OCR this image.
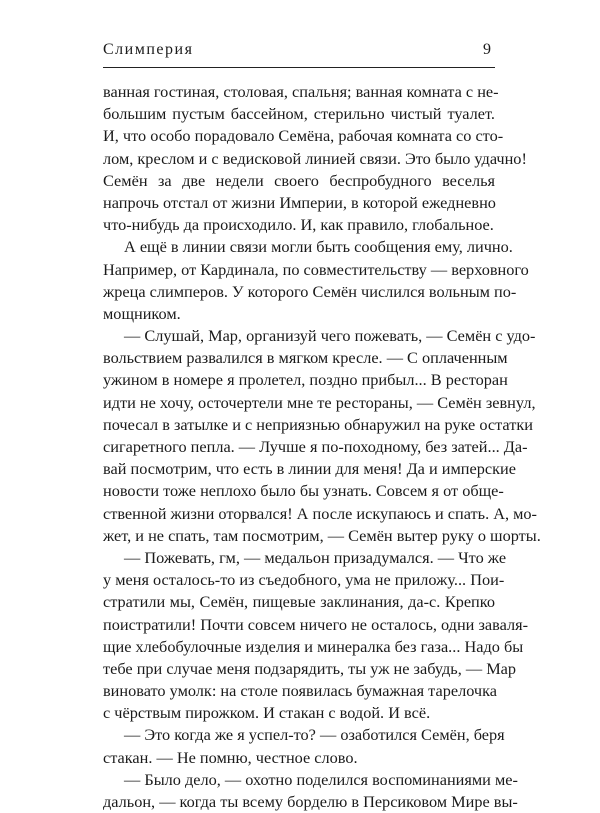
Слимперия	9
ванная гостиная, столовая, спальня; ванная комната с не-
большим пустым бассейном, стерильно чистый туалет.
И, что особо порадовало Семёна, рабочая комната со сто-
лом, креслом и с ведисковой линией связи. Это было удачно!
Семён за две недели своего беспробудного веселья
напрочь отстал от жизни Империи, в которой ежедневно
что-нибудь да происходило. И, как правило, глобальное.
А ещё в линии связи могли быть сообщения ему, лично.
Например, от Кардинала, по совместительству — верховного
жреца слимперов. У которого Семён числился вольным по-
мощником.
— Слушай, Мар, организуй чего пожевать, — Семён с удо-
вольствием развалился в мягком кресле. — С оплаченным
ужином в номере я пролетел, поздно прибыл... В ресторан
идти не хочу, осточертели мне те рестораны, — Семён зевнул,
почесал в затылке и с неприязнью обнаружил на руке остатки
сигаретного пепла. — Лучше я по-походному, без затей... Да-
вай посмотрим, что есть в линии для меня! Да и имперские
новости тоже неплохо было бы узнать. Совсем я от обще-
ственной жизни оторвался! А после искупаюсь и спать. А, мо-
жет, и не спать, там посмотрим, — Семён вытер руку о шорты.
— Пожевать, гм, — медальон призадумался. — Что же
у меня осталось-то из съедобного, ума не приложу... Пои-
стратили мы, Семён, пищевые заклинания, да-с. Крепко
поистратили! Почти совсем ничего не осталось, одни заваля-
щие хлебобулочные изделия и минералка без газа... Надо бы
тебе при случае меня подзарядить, ты уж не забудь, — Мар
виновато умолк: на столе появилась бумажная тарелочка
с чёрствым пирожком. И стакан с водой. И всё.
— Это когда же я успел-то? — озаботился Семён, беря
стакан. — Не помню, честное слово.
— Было дело, — охотно поделился воспоминаниями ме-
дальон, — когда ты всему борделю в Персиковом Мире вы-
